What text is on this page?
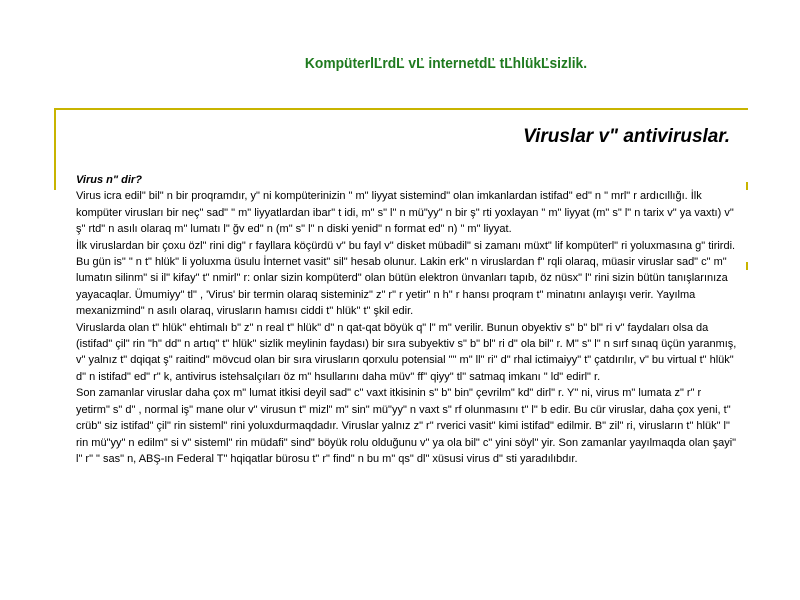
KompüterlĽrdĽ vĽ internetdĽ tĽhlükĽsizlik.
Viruslar v" antiviruslar.

Virus n" dir?

Virus icra edil" bil" n bir proqramdır, y" ni kompüterinizin " m" liyyat sistemind" olan imkanlardan istifad" ed" n " mrl" r ardıcıllığı. İlk kompüter virusları bir neç" sad" " m" liyyatlardan ibar" t idi, m" s" l" n mü"yy" n bir ş" rti yoxlayan " m" liyyat (m" s" l" n tarix v" ya vaxtı) v" ş" rtd" n asılı olaraq m" lumatı l" ğv ed" n (m" s" l" n diski yenid" n format ed" n) " m" liyyat.

İlk viruslardan bir çoxu özl" rini dig" r fayllara köçürdü v" bu fayl v" disket mübadil" si zamanı müxt" lif kompüterl" ri yoluxmasına g" tirirdi. Bu gün is" " n t" hlük" li yoluxma üsulu İnternet vasit" sil" hesab olunur. Lakin erk" n viruslardan f" rqli olaraq, müasir viruslar sad" c" m" lumatın silinm" si il" kifay" t" nmirl" r: onlar sizin kompüterd" olan bütün elektron ünvanları tapıb, öz nüsx" l" rini sizin bütün tanışlarınıza yayacaqlar. Ümumiyy" tl" , 'Virus' bir termin olaraq sisteminiz" z" r" r yetir" n h" r hansı proqram t" minatını anlayışı verir. Yayılma mexanizmind" n asılı olaraq, virusların hamısı ciddi t" hlük" t" şkil edir.

Viruslarda olan t" hlük" ehtimalı b" z" n real t" hlük" d" n qat-qat böyük q" l" m" verilir. Bunun obyektiv s" b" bl" ri v" faydaları olsa da (istifad" çil" rin "h" dd" n artıq" t" hlük" sizlik meylinin faydası) bir sıra subyektiv s" b" bl" ri d" ola bil" r. M" s" l" n sırf sınaq üçün yaranmış, v" yalnız t" dqiqat ş" raitind" mövcud olan bir sıra virusların qorxulu potensial "" m" ll" ri" d" rhal ictimaiyy" t" çatdırılır, v" bu virtual t" hlük" d" n istifad" ed" r" k, antivirus istehsalçıları öz m" hsullarını daha müv" ff" qiyy" tl" satmaq imkanı " ld" edirl" r.

Son zamanlar viruslar daha çox m" lumat itkisi deyil sad" c" vaxt itkisinin s" b" bin" çevrilm" kd" dirl" r. Y" ni, virus m" lumata z" r" r yetirm" s" d" , normal iş" mane olur v" virusun t" mizl" m" sin" mü"yy" n vaxt s" rf olunmasını t" l" b edir. Bu cür viruslar, daha çox yeni, t" crüb" siz istifad" çil" rin sisteml" rini yoluxdurmaqdadır. Viruslar yalnız z" r" rverici vasit" kimi istifad" edilmir. B" zil" ri, virusların t" hlük" l" rin mü"yy" n edilm" si v" sisteml" rin müdafi" sind" böyük rolu olduğunu v" ya ola bil" c" yini söyl" yir. Son zamanlar yayılmaqda olan şayi" l" r" " sas" n, ABŞ-ın Federal T" hqiqatlar bürosu t" r" find" n bu m" qs" dl" xüsusi virus d" sti yaradılıbdır.
